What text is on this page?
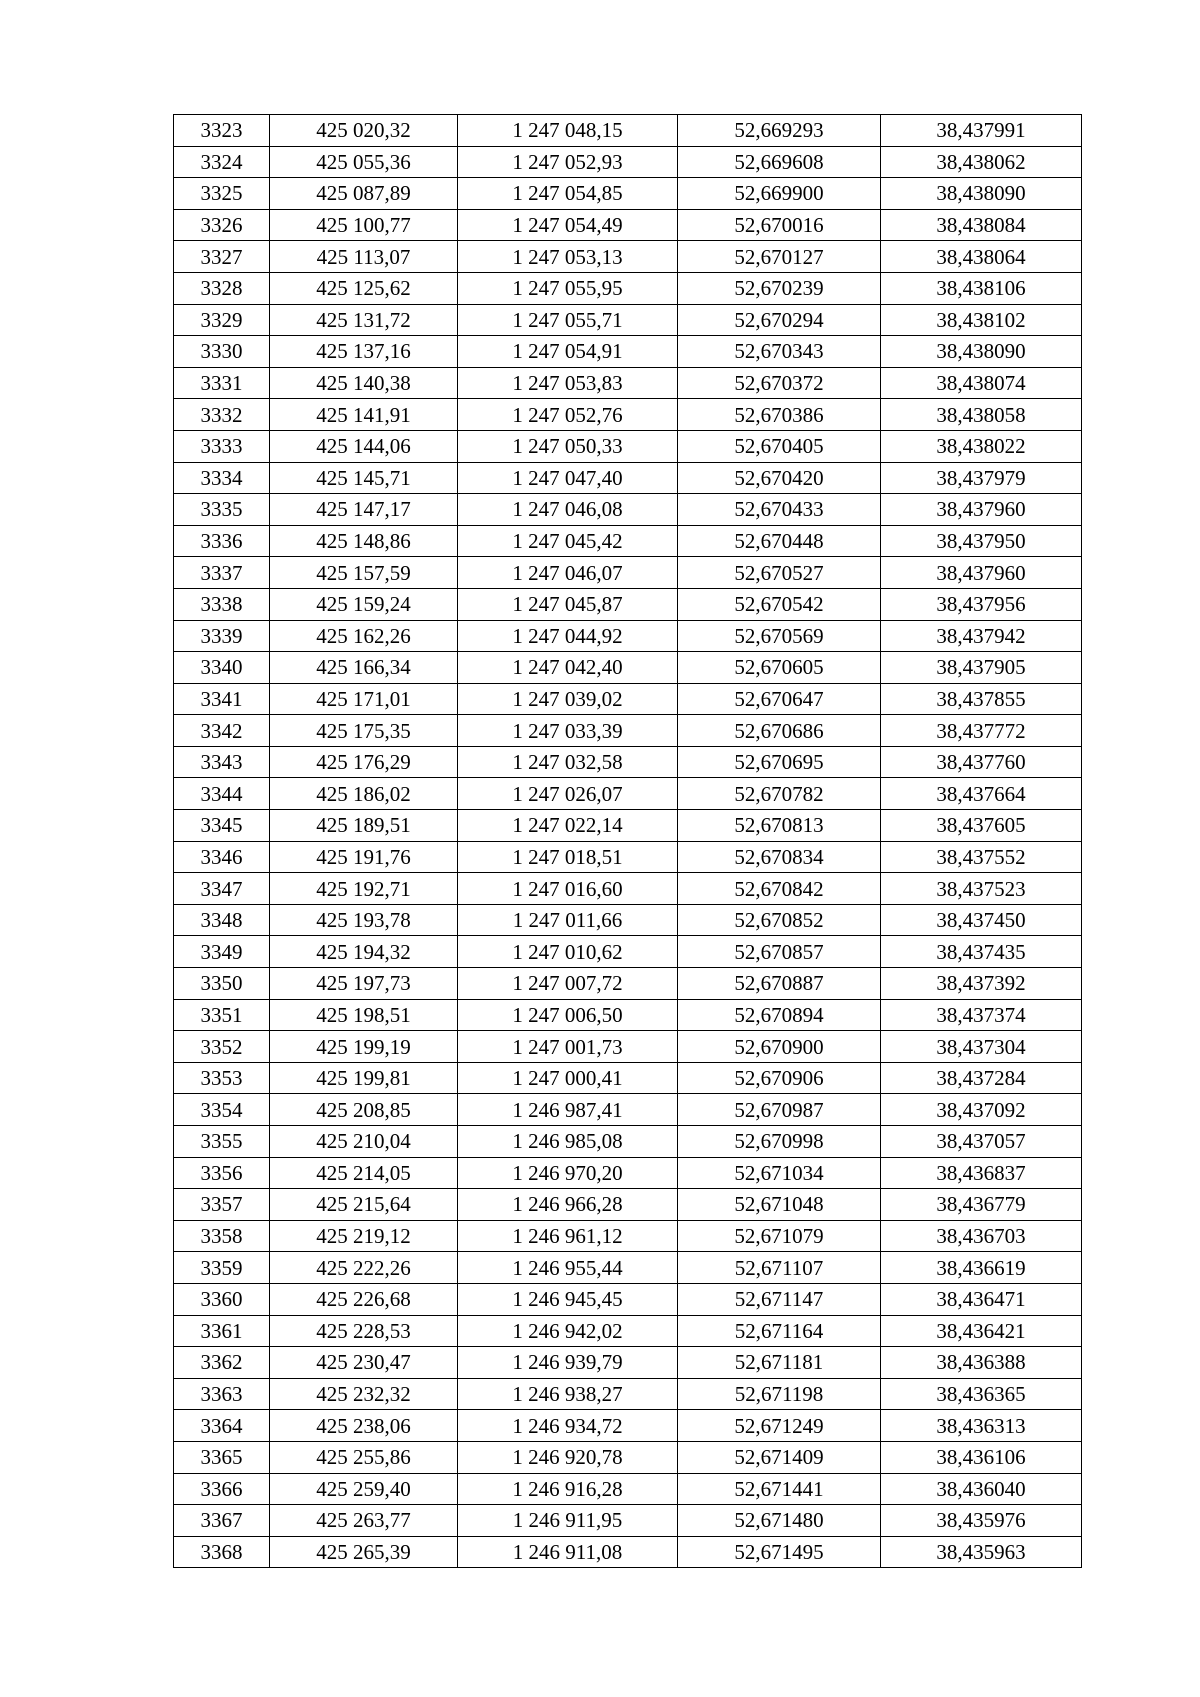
3323	425 020,32	1 247 048,15	52,669293	38,437991
3324	425 055,36	1 247 052,93	52,669608	38,438062
3325	425 087,89	1 247 054,85	52,669900	38,438090
3326	425 100,77	1 247 054,49	52,670016	38,438084
3327	425 113,07	1 247 053,13	52,670127	38,438064
3328	425 125,62	1 247 055,95	52,670239	38,438106
3329	425 131,72	1 247 055,71	52,670294	38,438102
3330	425 137,16	1 247 054,91	52,670343	38,438090
3331	425 140,38	1 247 053,83	52,670372	38,438074
3332	425 141,91	1 247 052,76	52,670386	38,438058
3333	425 144,06	1 247 050,33	52,670405	38,438022
3334	425 145,71	1 247 047,40	52,670420	38,437979
3335	425 147,17	1 247 046,08	52,670433	38,437960
3336	425 148,86	1 247 045,42	52,670448	38,437950
3337	425 157,59	1 247 046,07	52,670527	38,437960
3338	425 159,24	1 247 045,87	52,670542	38,437956
3339	425 162,26	1 247 044,92	52,670569	38,437942
3340	425 166,34	1 247 042,40	52,670605	38,437905
3341	425 171,01	1 247 039,02	52,670647	38,437855
3342	425 175,35	1 247 033,39	52,670686	38,437772
3343	425 176,29	1 247 032,58	52,670695	38,437760
3344	425 186,02	1 247 026,07	52,670782	38,437664
3345	425 189,51	1 247 022,14	52,670813	38,437605
3346	425 191,76	1 247 018,51	52,670834	38,437552
3347	425 192,71	1 247 016,60	52,670842	38,437523
3348	425 193,78	1 247 011,66	52,670852	38,437450
3349	425 194,32	1 247 010,62	52,670857	38,437435
3350	425 197,73	1 247 007,72	52,670887	38,437392
3351	425 198,51	1 247 006,50	52,670894	38,437374
3352	425 199,19	1 247 001,73	52,670900	38,437304
3353	425 199,81	1 247 000,41	52,670906	38,437284
3354	425 208,85	1 246 987,41	52,670987	38,437092
3355	425 210,04	1 246 985,08	52,670998	38,437057
3356	425 214,05	1 246 970,20	52,671034	38,436837
3357	425 215,64	1 246 966,28	52,671048	38,436779
3358	425 219,12	1 246 961,12	52,671079	38,436703
3359	425 222,26	1 246 955,44	52,671107	38,436619
3360	425 226,68	1 246 945,45	52,671147	38,436471
3361	425 228,53	1 246 942,02	52,671164	38,436421
3362	425 230,47	1 246 939,79	52,671181	38,436388
3363	425 232,32	1 246 938,27	52,671198	38,436365
3364	425 238,06	1 246 934,72	52,671249	38,436313
3365	425 255,86	1 246 920,78	52,671409	38,436106
3366	425 259,40	1 246 916,28	52,671441	38,436040
3367	425 263,77	1 246 911,95	52,671480	38,435976
3368	425 265,39	1 246 911,08	52,671495	38,435963
